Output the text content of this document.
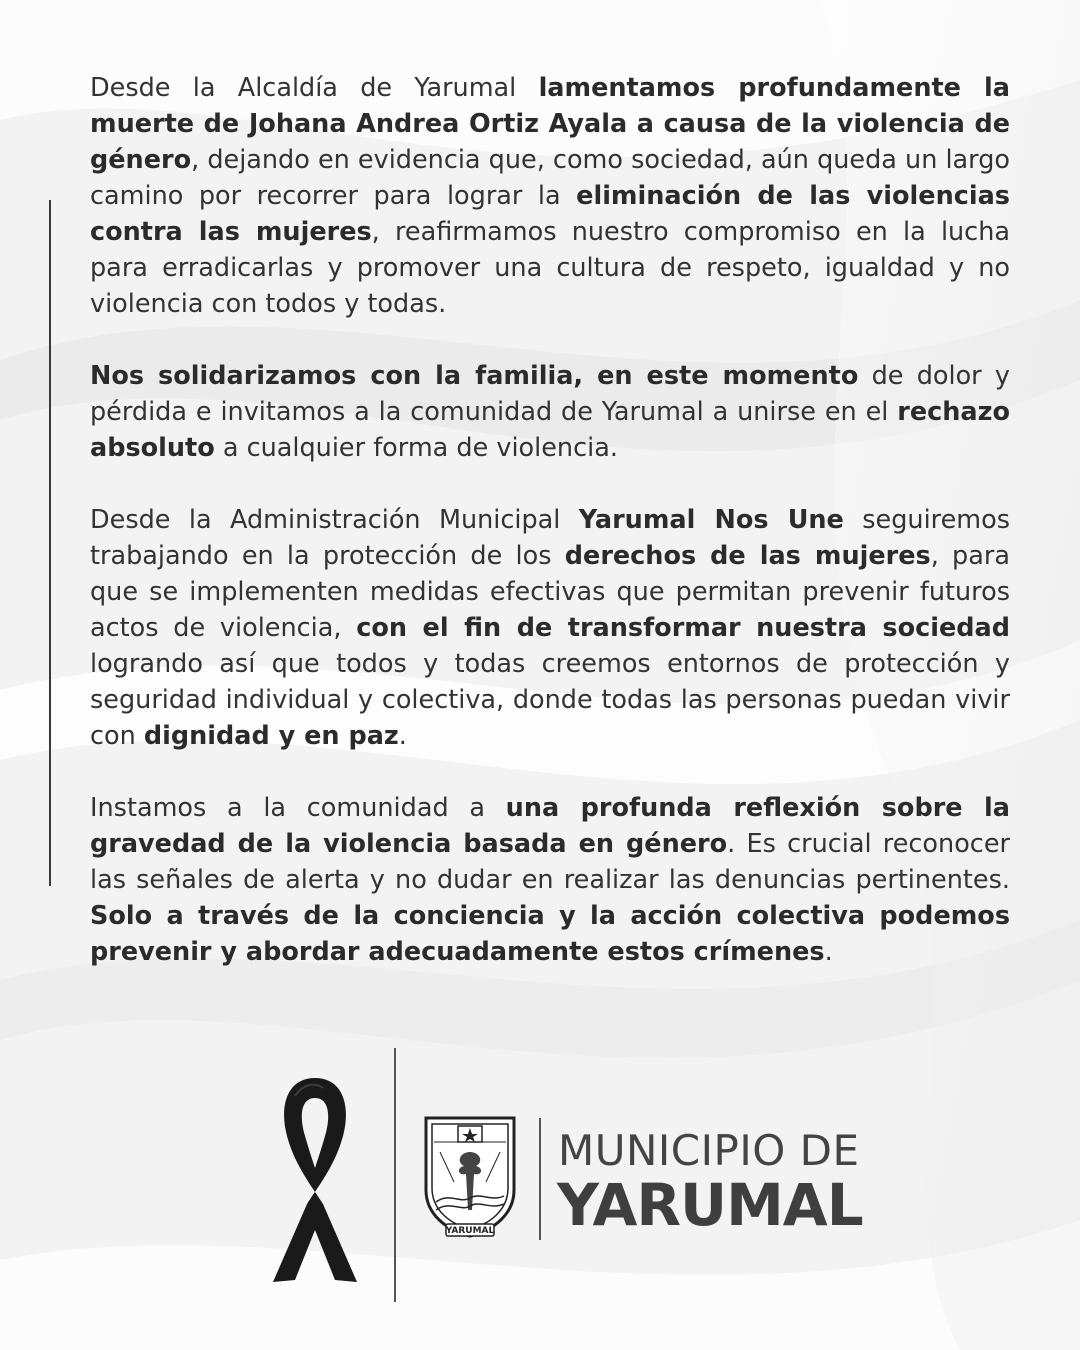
Desde la Alcaldía de Yarumal lamentamos profundamente la muerte de Johana Andrea Ortiz Ayala a causa de la violencia de género, dejando en evidencia que, como sociedad, aún queda un largo camino por recorrer para lograr la eliminación de las violencias contra las mujeres, reafirmamos nuestro compromiso en la lucha para erradicarlas y promover una cultura de respeto, igualdad y no violencia con todos y todas.

Nos solidarizamos con la familia, en este momento de dolor y pérdida e invitamos a la comunidad de Yarumal a unirse en el rechazo absoluto a cualquier forma de violencia.

Desde la Administración Municipal Yarumal Nos Une seguiremos trabajando en la protección de los derechos de las mujeres, para que se implementen medidas efectivas que permitan prevenir futuros actos de violencia, con el fin de transformar nuestra sociedad logrando así que todos y todas creemos entornos de protección y seguridad individual y colectiva, donde todas las personas puedan vivir con dignidad y en paz.

Instamos a la comunidad a una profunda reflexión sobre la gravedad de la violencia basada en género. Es crucial reconocer las señales de alerta y no dudar en realizar las denuncias pertinentes. Solo a través de la conciencia y la acción colectiva podemos prevenir y abordar adecuadamente estos crímenes.

YARUMAL
MUNICIPIO DE
YARUMAL
